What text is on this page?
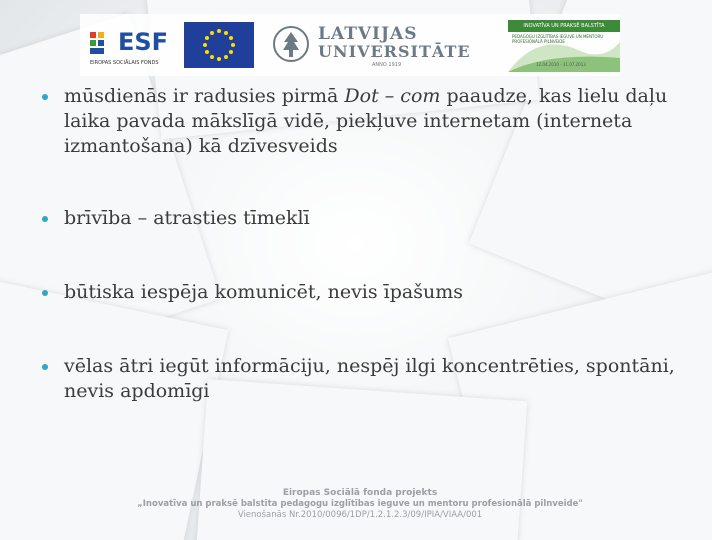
ESF
EIROPAS SOCIĀLAIS FONDS
LATVIJAS
UNIVERSITĀTE
ANNO 1919
INOVATĪVA UN PRAKSĒ BALSTĪTA
PEDAGOĢU IZGLĪTĪBAS IEGUVE UN MENTORU PROFESIONĀLĀ PILNVEIDE
12.04.2010 - 31.07.2013
mūsdienās ir radusies pirmā Dot – com paaudze, kas lielu daļu laika pavada mākslīgā vidē, piekļuve internetam (interneta izmantošana) kā dzīvesveids
brīvība – atrasties tīmeklī
būtiska iespēja komunicēt, nevis īpašums
vēlas ātri iegūt informāciju, nespēj ilgi koncentrēties, spontāni, nevis apdomīgi
Eiropas Sociālā fonda projekts
„Inovatīva un praksē balstīta pedagogu izglītības ieguve un mentoru profesionālā pilnveide"
Vienošanās Nr.2010/0096/1DP/1.2.1.2.3/09/IPIA/VIAA/001
